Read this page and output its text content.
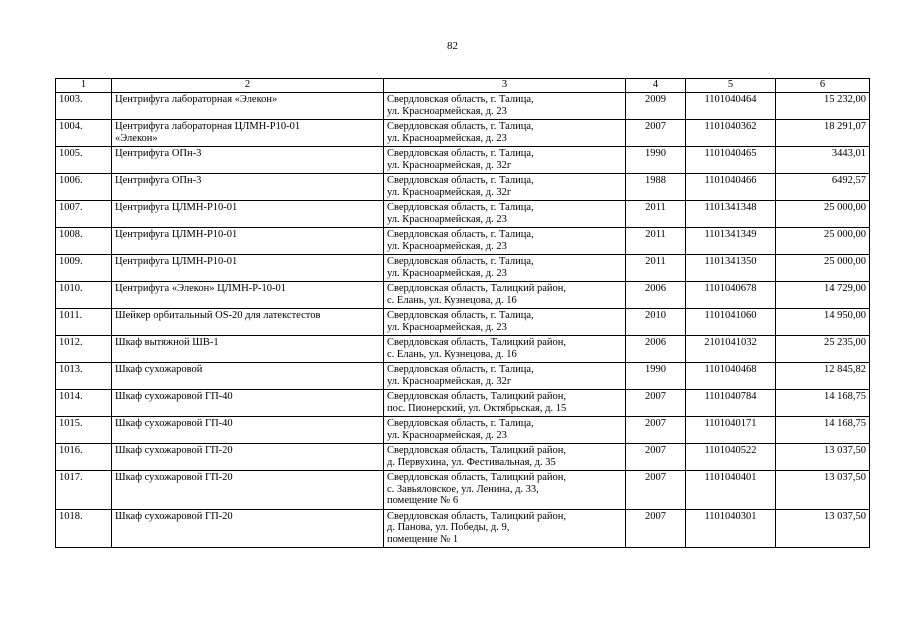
82
1	2	3	4	5	6
1003.	Центрифуга лабораторная «Элекон»	Свердловская область, г. Талица,
ул. Красноармейская, д. 23	2009	1101040464	15 232,00
1004.	Центрифуга лабораторная ЦЛМН-Р10-01
«Элекон»	Свердловская область, г. Талица,
ул. Красноармейская, д. 23	2007	1101040362	18 291,07
1005.	Центрифуга ОПн-3	Свердловская область, г. Талица,
ул. Красноармейская, д. 32г	1990	1101040465	3443,01
1006.	Центрифуга ОПн-3	Свердловская область, г. Талица,
ул. Красноармейская, д. 32г	1988	1101040466	6492,57
1007.	Центрифуга ЦЛМН-Р10-01	Свердловская область, г. Талица,
ул. Красноармейская, д. 23	2011	1101341348	25 000,00
1008.	Центрифуга ЦЛМН-Р10-01	Свердловская область, г. Талица,
ул. Красноармейская, д. 23	2011	1101341349	25 000,00
1009.	Центрифуга ЦЛМН-Р10-01	Свердловская область, г. Талица,
ул. Красноармейская, д. 23	2011	1101341350	25 000,00
1010.	Центрифуга «Элекон» ЦЛМН-Р-10-01	Свердловская область, Талицкий район,
с. Елань, ул. Кузнецова, д. 16	2006	1101040678	14 729,00
1011.	Шейкер орбитальный OS-20 для латекстестов	Свердловская область, г. Талица,
ул. Красноармейская, д. 23	2010	1101041060	14 950,00
1012.	Шкаф вытяжной ШВ-1	Свердловская область, Талицкий район,
с. Елань, ул. Кузнецова, д. 16	2006	2101041032	25 235,00
1013.	Шкаф сухожаровой	Свердловская область, г. Талица,
ул. Красноармейская, д. 32г	1990	1101040468	12 845,82
1014.	Шкаф сухожаровой ГП-40	Свердловская область, Талицкий район,
пос. Пионерский, ул. Октябрьская, д. 15	2007	1101040784	14 168,75
1015.	Шкаф сухожаровой ГП-40	Свердловская область, г. Талица,
ул. Красноармейская, д. 23	2007	1101040171	14 168,75
1016.	Шкаф сухожаровой ГП-20	Свердловская область, Талицкий район,
д. Первухина, ул. Фестивальная, д. 35	2007	1101040522	13 037,50
1017.	Шкаф сухожаровой ГП-20	Свердловская область, Талицкий район,
с. Завьяловское, ул. Ленина, д. 33,
помещение № 6	2007	1101040401	13 037,50
1018.	Шкаф сухожаровой ГП-20	Свердловская область, Талицкий район,
д. Панова, ул. Победы, д. 9,
помещение № 1	2007	1101040301	13 037,50
